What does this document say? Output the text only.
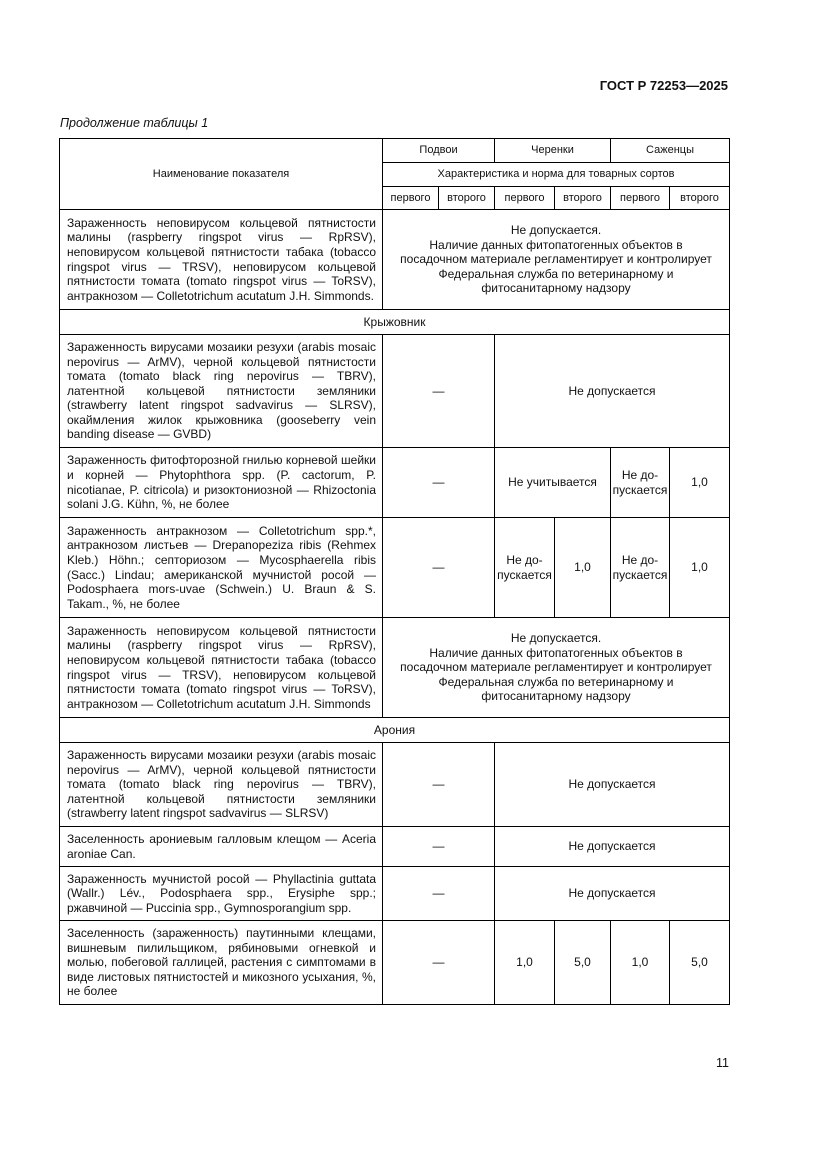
ГОСТ Р 72253—2025
Продолжение таблицы 1
Наименование показателя	Подвои		Черенки		Саженцы	
	Характеристика и норма для товарных сортов					
	первого	второго	первого	второго	первого	второго
Зараженность неповирусом кольцевой пятнистости малины (raspberry ringspot virus — RpRSV), неповирусом кольцевой пятнистости табака (tobacco ringspot virus — TRSV), неповирусом кольцевой пятнистости томата (tomato ringspot virus — ToRSV), антракнозом — Colletotrichum acutatum J.H. Simmonds.	Не допускается.
Наличие данных фитопатогенных объектов в посадочном материале регламентирует и контролирует Федеральная служба по ветеринарному и фитосанитарному надзору					

Крыжовник						
Зараженность вирусами мозаики резухи (arabis mosaic nepovirus — ArMV), черной кольцевой пятнистости томата (tomato black ring nepovirus — TBRV), латентной кольцевой пятнистости земляники (strawberry latent ringspot sadvavirus — SLRSV), окаймления жилок крыжовника (gooseberry vein banding disease — GVBD)	—		Не допускается			
Зараженность фитофторозной гнилью корневой шейки и корней — Phytophthora spp. (P. cactorum, P. nicotianae, P. citricola) и ризоктониозной — Rhizoctonia solani J.G. Kühn, %, не более	—		Не учитывается		Не допускается	1,0
Зараженность антракнозом — Colletotrichum spp.*, антракнозом листьев — Drepanopeziza ribis (Rehmex Kleb.) Höhn.; септориозом — Mycosphaerella ribis (Sacc.) Lindau; американской мучнистой росой — Podosphaera mors-uvae (Schwein.) U. Braun & S. Takam., %, не более	—		Не допускается	1,0	Не допускается	1,0
Зараженность неповирусом кольцевой пятнистости малины (raspberry ringspot virus — RpRSV), неповирусом кольцевой пятнистости табака (tobacco ringspot virus — TRSV), неповирусом кольцевой пятнистости томата (tomato ringspot virus — ToRSV), антракнозом — Colletotrichum acutatum J.H. Simmonds	Не допускается.
Наличие данных фитопатогенных объектов в посадочном материале регламентирует и контролирует Федеральная служба по ветеринарному и фитосанитарному надзору					

Арония						
Зараженность вирусами мозаики резухи (arabis mosaic nepovirus — ArMV), черной кольцевой пятнистости томата (tomato black ring nepovirus — TBRV), латентной кольцевой пятнистости земляники (strawberry latent ringspot sadvavirus — SLRSV)	—		Не допускается			
Заселенность арониевым галловым клещом — Aceria aroniae Can.	—		Не допускается			
Зараженность мучнистой росой — Phyllactinia guttata (Wallr.) Lév., Podosphaera spp., Erysiphe spp.; ржавчиной — Puccinia spp., Gymnosporangium spp.	—		Не допускается			
Заселенность (зараженность) паутинными клещами, вишневым пилильщиком, рябиновыми огневкой и молью, побеговой галлицей, растения с симптомами в виде листовых пятнистостей и микозного усыхания, %, не более	—		1,0	5,0	1,0	5,0
11
